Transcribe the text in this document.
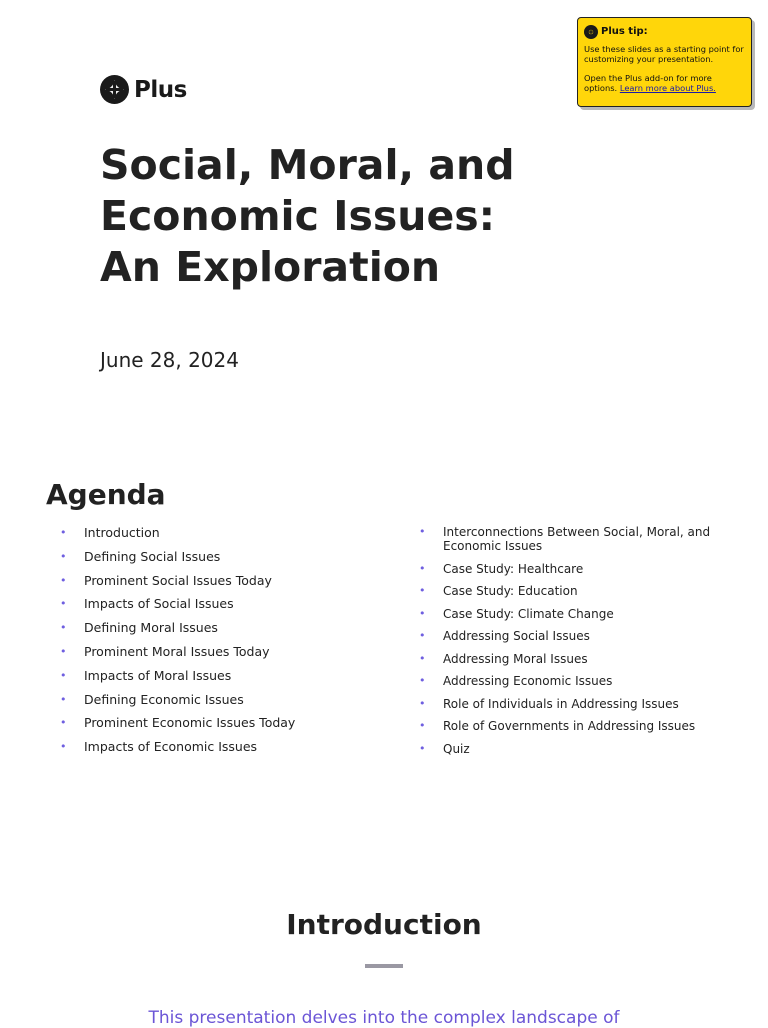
Plus
Social, Moral, and
Economic Issues:
An Exploration
June 28, 2024
Plus tip:

Use these slides as a starting point for customizing your presentation.

Open the Plus add-on for more options. Learn more about Plus.

Agenda
• Introduction
• Defining Social Issues
• Prominent Social Issues Today
• Impacts of Social Issues
• Defining Moral Issues
• Prominent Moral Issues Today
• Impacts of Moral Issues
• Defining Economic Issues
• Prominent Economic Issues Today
• Impacts of Economic Issues
• Interconnections Between Social, Moral, and Economic Issues
• Case Study: Healthcare
• Case Study: Education
• Case Study: Climate Change
• Addressing Social Issues
• Addressing Moral Issues
• Addressing Economic Issues
• Role of Individuals in Addressing Issues
• Role of Governments in Addressing Issues
• Quiz
Introduction
This presentation delves into the complex landscape of
